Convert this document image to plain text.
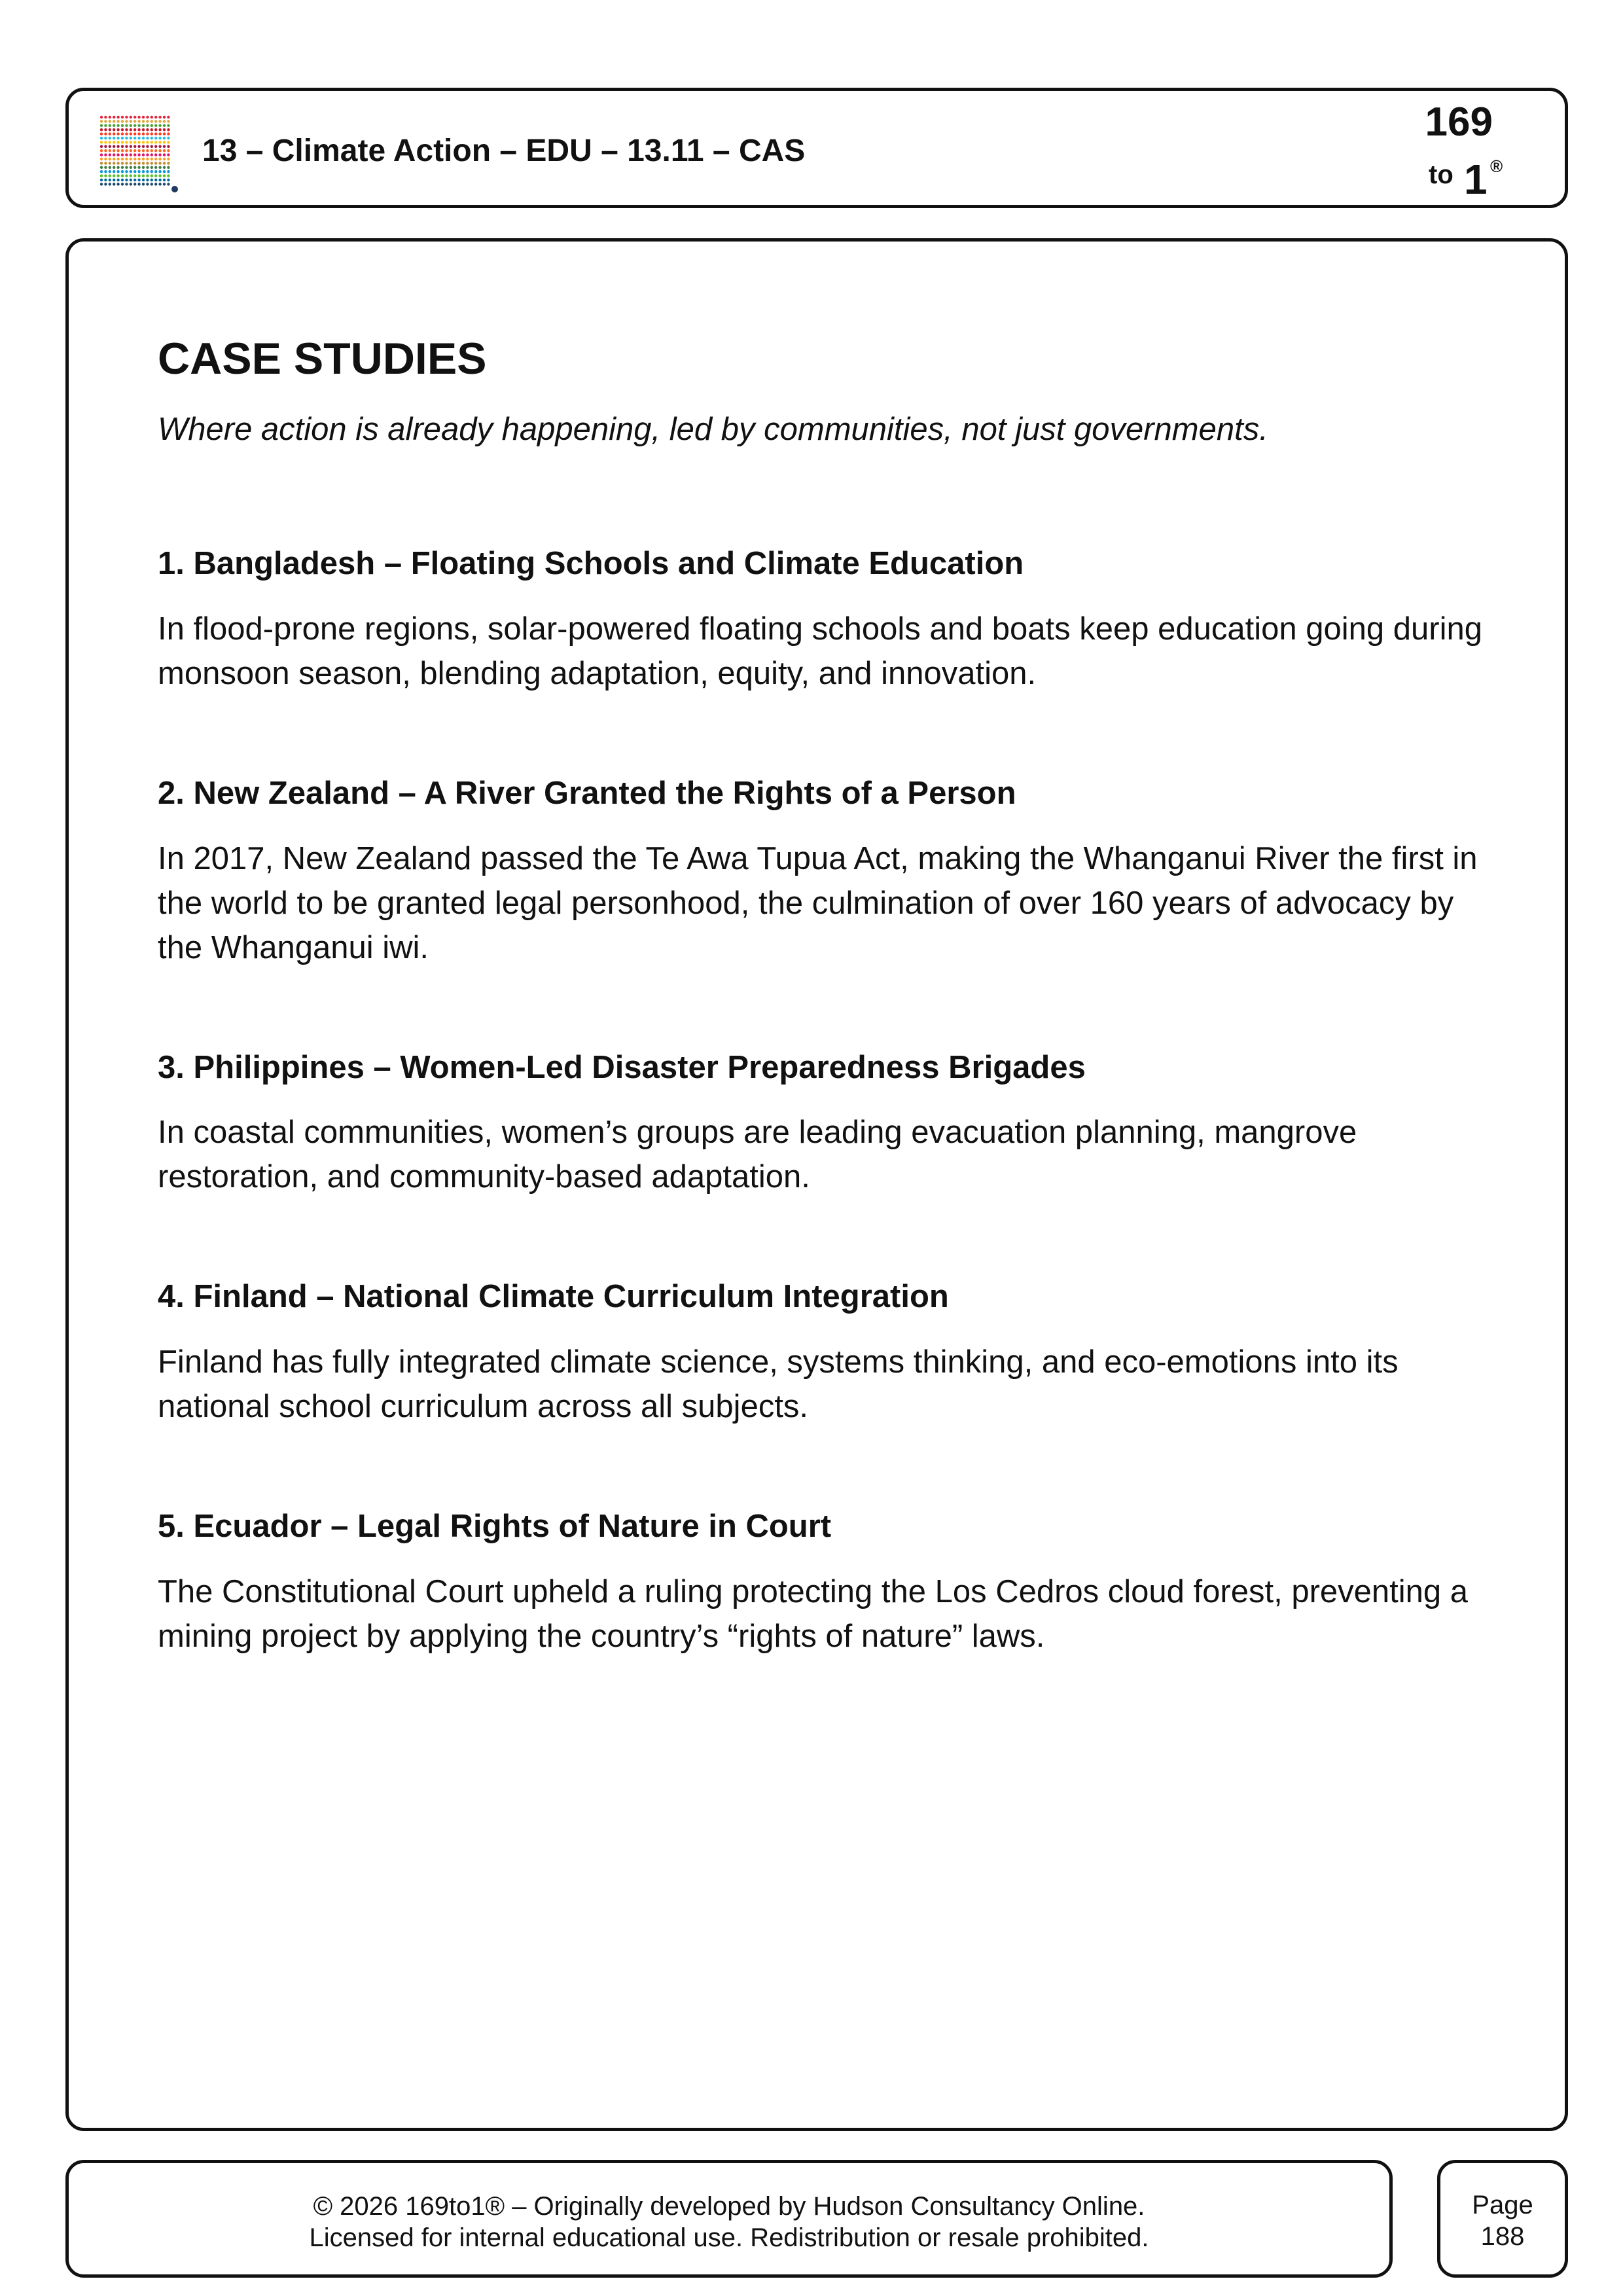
13 – Climate Action – EDU – 13.11 – CAS
169
to 1 ®
CASE STUDIES
Where action is already happening, led by communities, not just governments.
1. Bangladesh – Floating Schools and Climate Education
In flood-prone regions, solar-powered floating schools and boats keep education going during monsoon season, blending adaptation, equity, and innovation.
2. New Zealand – A River Granted the Rights of a Person
In 2017, New Zealand passed the Te Awa Tupua Act, making the Whanganui River the first in the world to be granted legal personhood, the culmination of over 160 years of advocacy by the Whanganui iwi.
3. Philippines – Women-Led Disaster Preparedness Brigades
In coastal communities, women’s groups are leading evacuation planning, mangrove restoration, and community-based adaptation.
4. Finland – National Climate Curriculum Integration
Finland has fully integrated climate science, systems thinking, and eco-emotions into its national school curriculum across all subjects.
5. Ecuador – Legal Rights of Nature in Court
The Constitutional Court upheld a ruling protecting the Los Cedros cloud forest, preventing a mining project by applying the country’s “rights of nature” laws.
© 2026 169to1® – Originally developed by Hudson Consultancy Online.
Licensed for internal educational use. Redistribution or resale prohibited.
Page
188
